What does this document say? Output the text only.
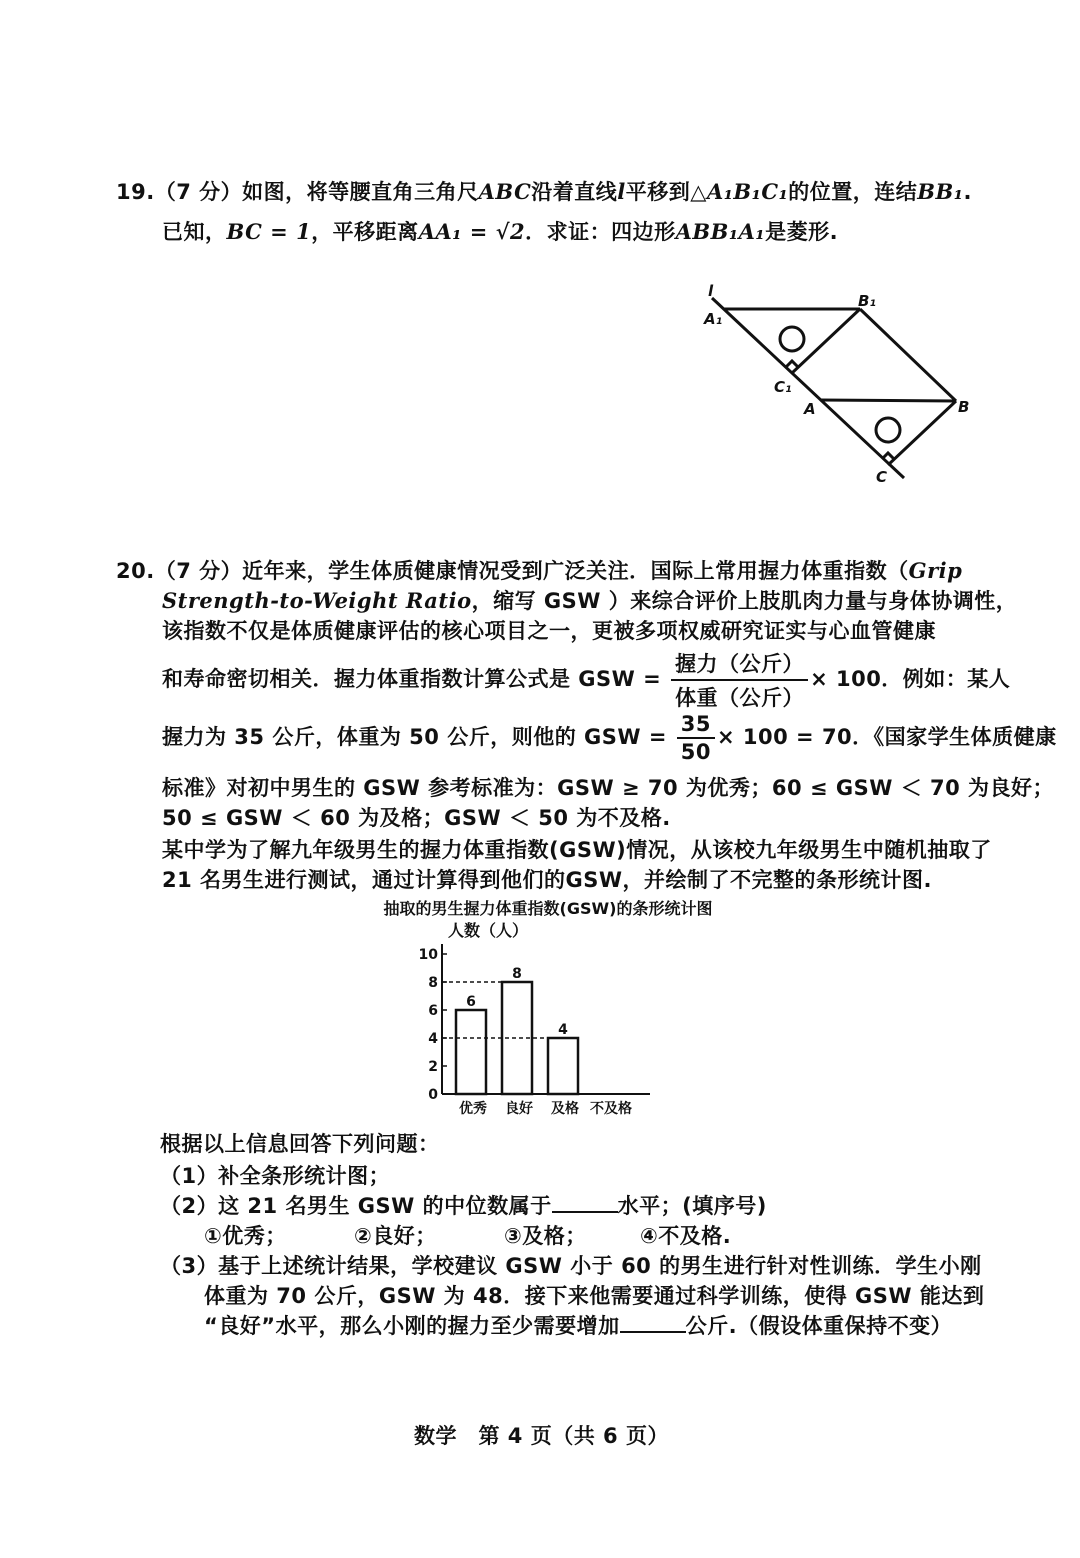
19.（7 分）如图，将等腰直角三角尺ABC沿着直线l平移到△A₁B₁C₁的位置，连结BB₁.
已知，BC = 1，平移距离AA₁ = √2．求证：四边形ABB₁A₁是菱形.
l
A₁
B₁
C₁
A	B
C
20.（7 分）近年来，学生体质健康情况受到广泛关注．国际上常用握力体重指数（Grip
Strength-to-Weight Ratio，缩写 GSW ）来综合评价上肢肌肉力量与身体协调性，
该指数不仅是体质健康评估的核心项目之一，更被多项权威研究证实与心血管健康
和寿命密切相关．握力体重指数计算公式是 GSW = $\frac{\text{握力（公斤）}}{\text{体重（公斤）}} \times 100$．例如：某人
握力为 35 公斤，体重为 50 公斤，则他的 GSW = $\frac{35}{50} \times 100 = 70$．《国家学生体质健康
标准》对初中男生的 GSW 参考标准为：GSW ≥ 70 为优秀；60 ≤ GSW ＜ 70 为良好；
50 ≤ GSW ＜ 60 为及格；GSW ＜ 50 为不及格.
某中学为了解九年级男生的握力体重指数(GSW)情况，从该校九年级男生中随机抽取了
21 名男生进行测试，通过计算得到他们的GSW，并绘制了不完整的条形统计图.
抽取的男生握力体重指数(GSW)的条形统计图
人数（人）
0
2
4
6
8
10
优秀
6
良好
8
及格
4
不及格
根据以上信息回答下列问题：
（1）补全条形统计图；
（2）这 21 名男生 GSW 的中位数属于	水平；(填序号)
①优秀；	②良好；	③及格；	④不及格.
（3）基于上述统计结果，学校建议 GSW 小于 60 的男生进行针对性训练．学生小刚
体重为 70 公斤，GSW 为 48．接下来他需要通过科学训练，使得 GSW 能达到
“良好”水平，那么小刚的握力至少需要增加	公斤.（假设体重保持不变）
数学　第 4 页（共 6 页）
